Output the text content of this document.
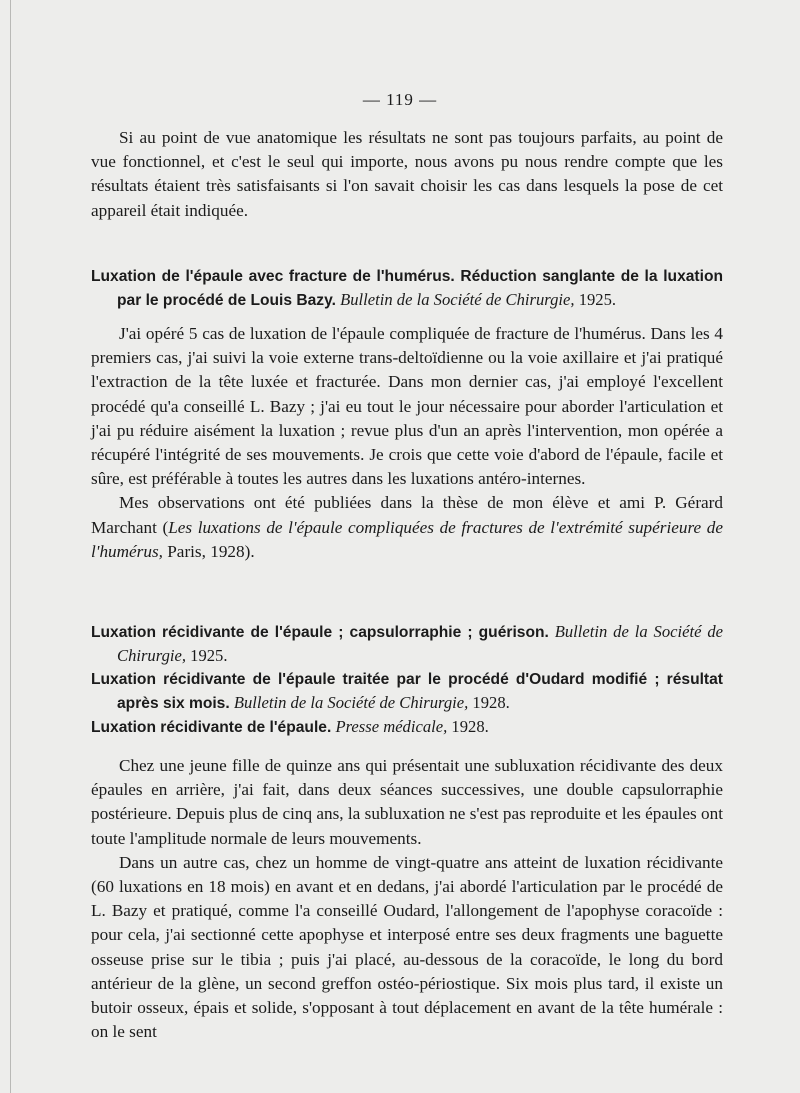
— 119 —

Si au point de vue anatomique les résultats ne sont pas toujours parfaits, au point de vue fonctionnel, et c'est le seul qui importe, nous avons pu nous rendre compte que les résultats étaient très satisfaisants si l'on savait choisir les cas dans lesquels la pose de cet appareil était indiquée.

Luxation de l'épaule avec fracture de l'humérus. Réduction sanglante de la luxation par le procédé de Louis Bazy. Bulletin de la Société de Chirurgie, 1925.

J'ai opéré 5 cas de luxation de l'épaule compliquée de fracture de l'humérus. Dans les 4 premiers cas, j'ai suivi la voie externe trans-deltoïdienne ou la voie axillaire et j'ai pratiqué l'extraction de la tête luxée et fracturée. Dans mon dernier cas, j'ai employé l'excellent procédé qu'a conseillé L. Bazy ; j'ai eu tout le jour nécessaire pour aborder l'articulation et j'ai pu réduire aisément la luxation ; revue plus d'un an après l'intervention, mon opérée a récupéré l'intégrité de ses mouvements. Je crois que cette voie d'abord de l'épaule, facile et sûre, est préférable à toutes les autres dans les luxations antéro-internes.

Mes observations ont été publiées dans la thèse de mon élève et ami P. Gérard Marchant (Les luxations de l'épaule compliquées de fractures de l'extrémité supérieure de l'humérus, Paris, 1928).

Luxation récidivante de l'épaule ; capsulorraphie ; guérison. Bulletin de la Société de Chirurgie, 1925.
Luxation récidivante de l'épaule traitée par le procédé d'Oudard modifié ; résultat après six mois. Bulletin de la Société de Chirurgie, 1928.
Luxation récidivante de l'épaule. Presse médicale, 1928.

Chez une jeune fille de quinze ans qui présentait une subluxation récidivante des deux épaules en arrière, j'ai fait, dans deux séances successives, une double capsulorraphie postérieure. Depuis plus de cinq ans, la subluxation ne s'est pas reproduite et les épaules ont toute l'amplitude normale de leurs mouvements.

Dans un autre cas, chez un homme de vingt-quatre ans atteint de luxation récidivante (60 luxations en 18 mois) en avant et en dedans, j'ai abordé l'articulation par le procédé de L. Bazy et pratiqué, comme l'a conseillé Oudard, l'allongement de l'apophyse coracoïde : pour cela, j'ai sectionné cette apophyse et interposé entre ses deux fragments une baguette osseuse prise sur le tibia ; puis j'ai placé, au-dessous de la coracoïde, le long du bord antérieur de la glène, un second greffon ostéo-périostique. Six mois plus tard, il existe un butoir osseux, épais et solide, s'opposant à tout déplacement en avant de la tête humérale : on le sent
